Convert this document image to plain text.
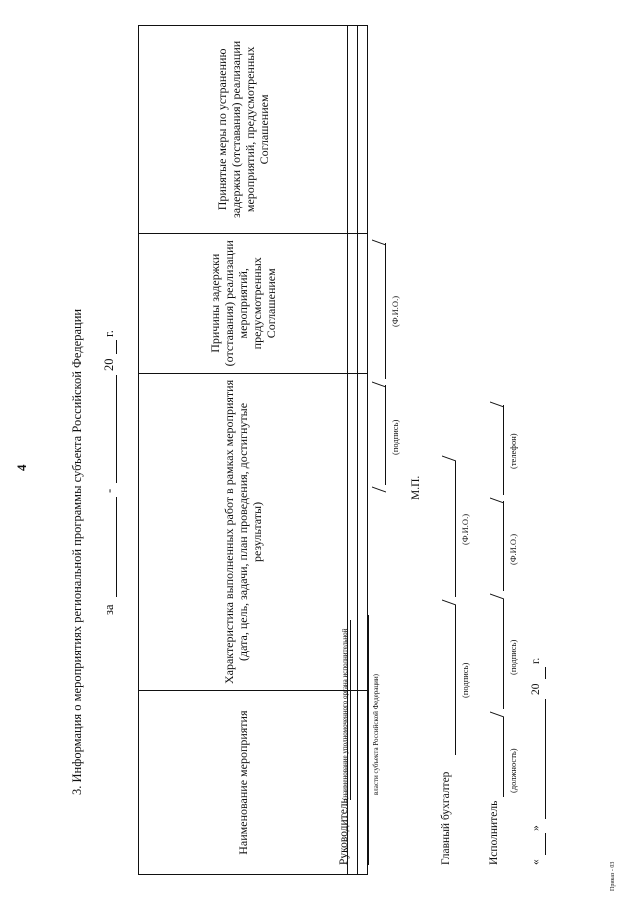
4	3. Информация о мероприятиях региональной программы субъекта Российской Федерации за
-
20
г.
Наименование мероприятия	Характеристика выполненных работ в рамках мероприятия (дата, цель, задачи, план проведения, достигнутые результаты)	Причины задержки (отставания) реализации мероприятий, предусмотренных Соглашением	Принятые меры по устранению задержки (отставания) реализации мероприятий, предусмотренных Соглашением

Руководитель
(наименование уполномоченного органа исполнительной	власти субъекта Российской Федерации)
(подпись)
(Ф.И.О.)
М.П.
Главный бухгалтер
(подпись)
(Ф.И.О.)
Исполнитель
(должность)
(подпись)
(Ф.И.О.)
(телефон)
«
»
20
г.
Приказ - 03
